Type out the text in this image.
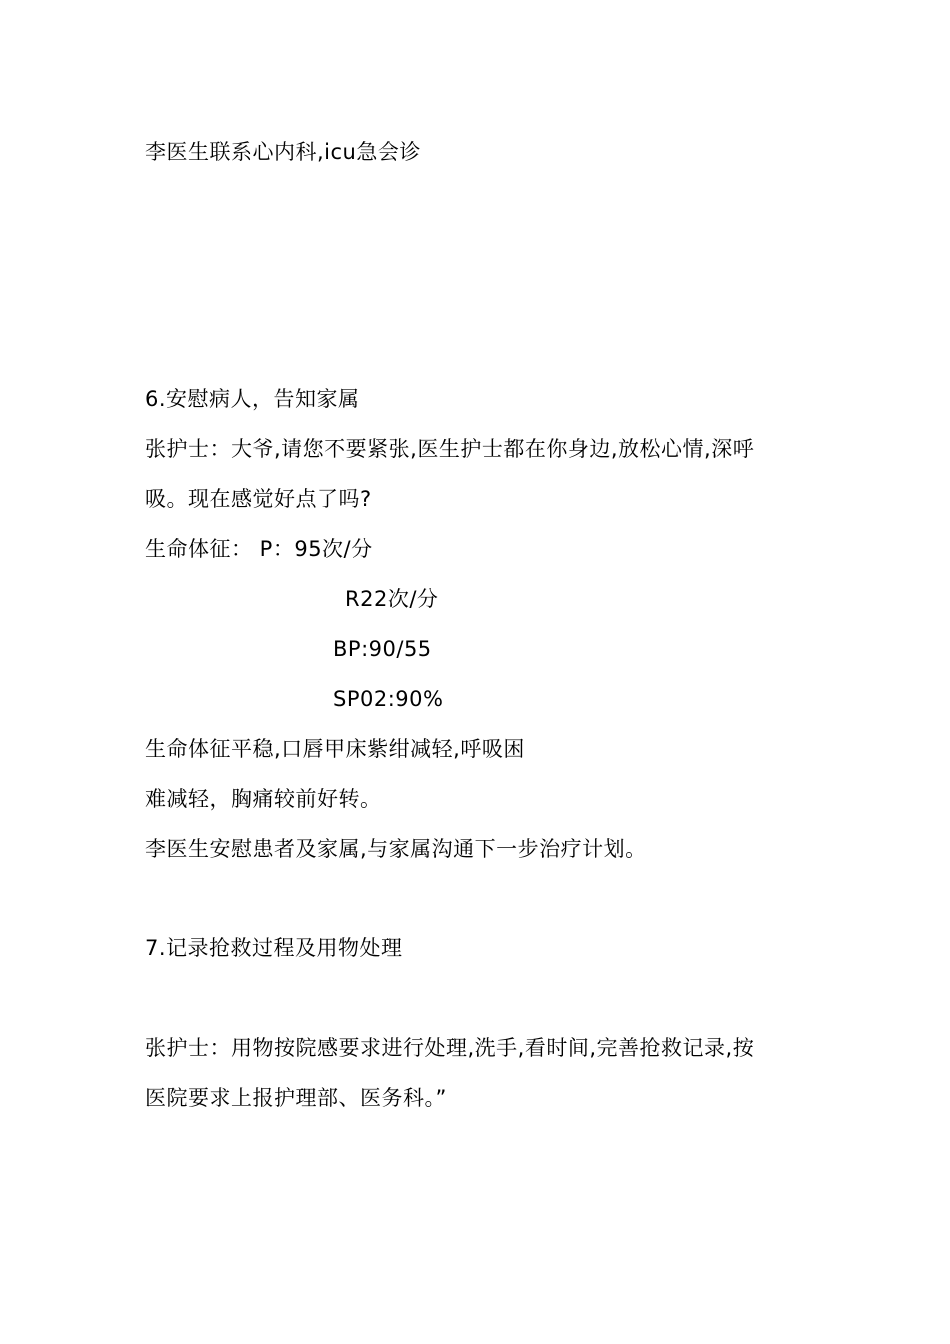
李医生联系心内科,icu急会诊
6.安慰病人，告知家属
张护士：大爷,请您不要紧张,医生护士都在你身边,放松心情,深呼
吸。现在感觉好点了吗?
生命体征： P：95次/分
R22次/分
BP:90/55
SP02:90%
生命体征平稳,口唇甲床紫绀减轻,呼吸困
难减轻，胸痛较前好转。
李医生安慰患者及家属,与家属沟通下一步治疗计划。
7.记录抢救过程及用物处理
张护士：用物按院感要求进行处理,洗手,看时间,完善抢救记录,按
医院要求上报护理部、医务科。”
